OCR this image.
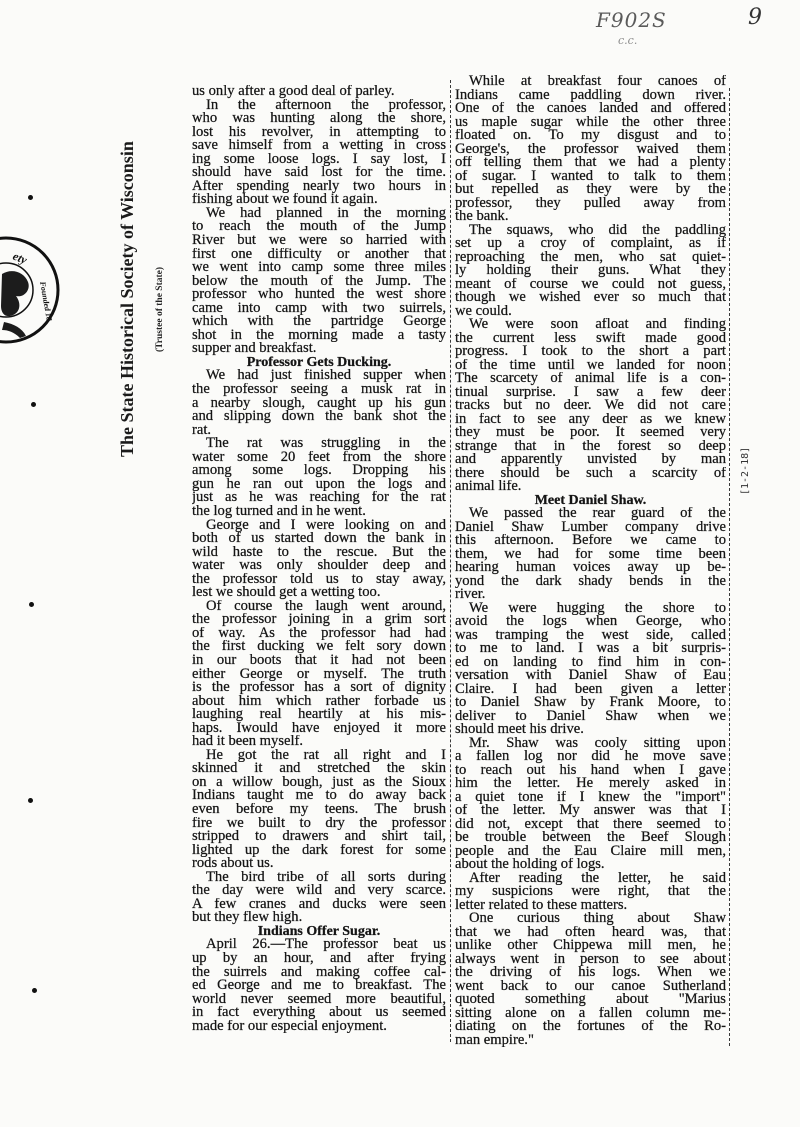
ety
Founded 18	The State Historical Society of Wisconsin (Trustee of the State)
[1-2-18]
F902S
c.c.
9
us only after a good deal of parley.
In the afternoon the professor,
who was hunting along the shore,
lost his revolver, in attempting to
save himself from a wetting in cross
ing some loose logs. I say lost, I
should have said lost for the time.
After spending nearly two hours in
fishing about we found it again.
We had planned in the morning
to reach the mouth of the Jump
River but we were so harried with
first one difficulty or another that
we went into camp some three miles
below the mouth of the Jump. The
professor who hunted the west shore
came into camp with two suirrels,
which with the partridge George
shot in the morning made a tasty
supper and breakfast.
Professor Gets Ducking.
We had just finished supper when
the professor seeing a musk rat in
a nearby slough, caught up his gun
and slipping down the bank shot the
rat.
The rat was struggling in the
water some 20 feet from the shore
among some logs. Dropping his
gun he ran out upon the logs and
just as he was reaching for the rat
the log turned and in he went.
George and I were looking on and
both of us started down the bank in
wild haste to the rescue. But the
water was only shoulder deep and
the professor told us to stay away,
lest we should get a wetting too.
Of course the laugh went around,
the professor joining in a grim sort
of way. As the professor had had
the first ducking we felt sory down
in our boots that it had not been
either George or myself. The truth
is the professor has a sort of dignity
about him which rather forbade us
laughing real heartily at his mis-
haps. Iwould have enjoyed it more
had it been myself.
He got the rat all right and I
skinned it and stretched the skin
on a willow bough, just as the Sioux
Indians taught me to do away back
even before my teens. The brush
fire we built to dry the professor
stripped to drawers and shirt tail,
lighted up the dark forest for some
rods about us.
The bird tribe of all sorts during
the day were wild and very scarce.
A few cranes and ducks were seen
but they flew high.
Indians Offer Sugar.
April 26.—The professor beat us
up by an hour, and after frying
the suirrels and making coffee cal-
ed George and me to breakfast. The
world never seemed more beautiful,
in fact everything about us seemed
made for our especial enjoyment.
While at breakfast four canoes of
Indians came paddling down river.
One of the canoes landed and offered
us maple sugar while the other three
floated on. To my disgust and to
George's, the professor waived them
off telling them that we had a plenty
of sugar. I wanted to talk to them
but repelled as they were by the
professor, they pulled away from
the bank.
The squaws, who did the paddling
set up a croy of complaint, as if
reproaching the men, who sat quiet-
ly holding their guns. What they
meant of course we could not guess,
though we wished ever so much that
we could.
We were soon afloat and finding
the current less swift made good
progress. I took to the short a part
of the time until we landed for noon
The scarcety of animal life is a con-
tinual surprise. I saw a few deer
tracks but no deer. We did not care
in fact to see any deer as we knew
they must be poor. It seemed very
strange that in the forest so deep
and apparently unvisted by man
there should be such a scarcity of
animal life.
Meet Daniel Shaw.
We passed the rear guard of the
Daniel Shaw Lumber company drive
this afternoon. Before we came to
them, we had for some time been
hearing human voices away up be-
yond the dark shady bends in the
river.
We were hugging the shore to
avoid the logs when George, who
was tramping the west side, called
to me to land. I was a bit surpris-
ed on landing to find him in con-
versation with Daniel Shaw of Eau
Claire. I had been given a letter
to Daniel Shaw by Frank Moore, to
deliver to Daniel Shaw when we
should meet his drive.
Mr. Shaw was cooly sitting upon
a fallen log nor did he move save
to reach out his hand when I gave
him the letter. He merely asked in
a quiet tone if I knew the "import"
of the letter. My answer was that I
did not, except that there seemed to
be trouble between the Beef Slough
people and the Eau Claire mill men,
about the holding of logs.
After reading the letter, he said
my suspicions were right, that the
letter related to these matters.
One curious thing about Shaw
that we had often heard was, that
unlike other Chippewa mill men, he
always went in person to see about
the driving of his logs. When we
went back to our canoe Sutherland
quoted something about "Marius
sitting alone on a fallen column me-
diating on the fortunes of the Ro-
man empire."
